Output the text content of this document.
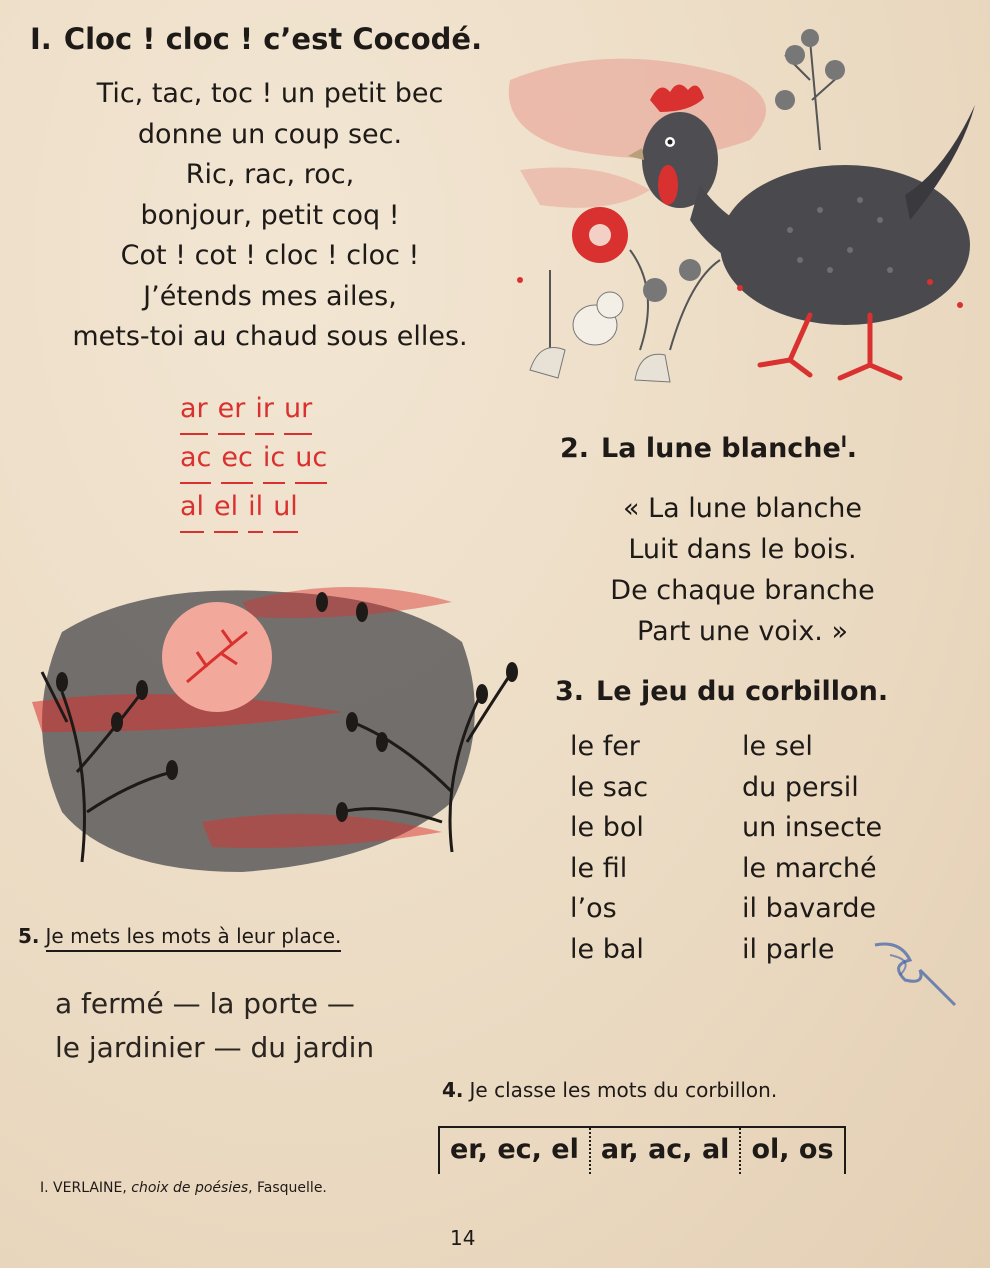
I. Cloc ! cloc ! c’est Cocodé.
Tic, tac, toc ! un petit bec
donne un coup sec.
Ric, rac, roc,
bonjour, petit coq !
Cot ! cot ! cloc ! cloc !
J’étends mes ailes,
mets-toi au chaud sous elles.
ar er ir ur
ac ec ic uc
al el il ul
2. La lune blanche$^I$.
« La lune blanche
Luit dans le bois.
De chaque branche
Part une voix. »
3. Le jeu du corbillon.
le fer
le sac
le bol
le fil
l’os
le bal
le sel
du persil
un insecte
le marché
il bavarde
il parle
5. Je mets les mots à leur place.
a fermé — la porte —
le jardinier — du jardin
4. Je classe les mots du corbillon.
er, ec, el ar, ac, al ol, os
I. VERLAINE, choix de poésies, Fasquelle.
14
